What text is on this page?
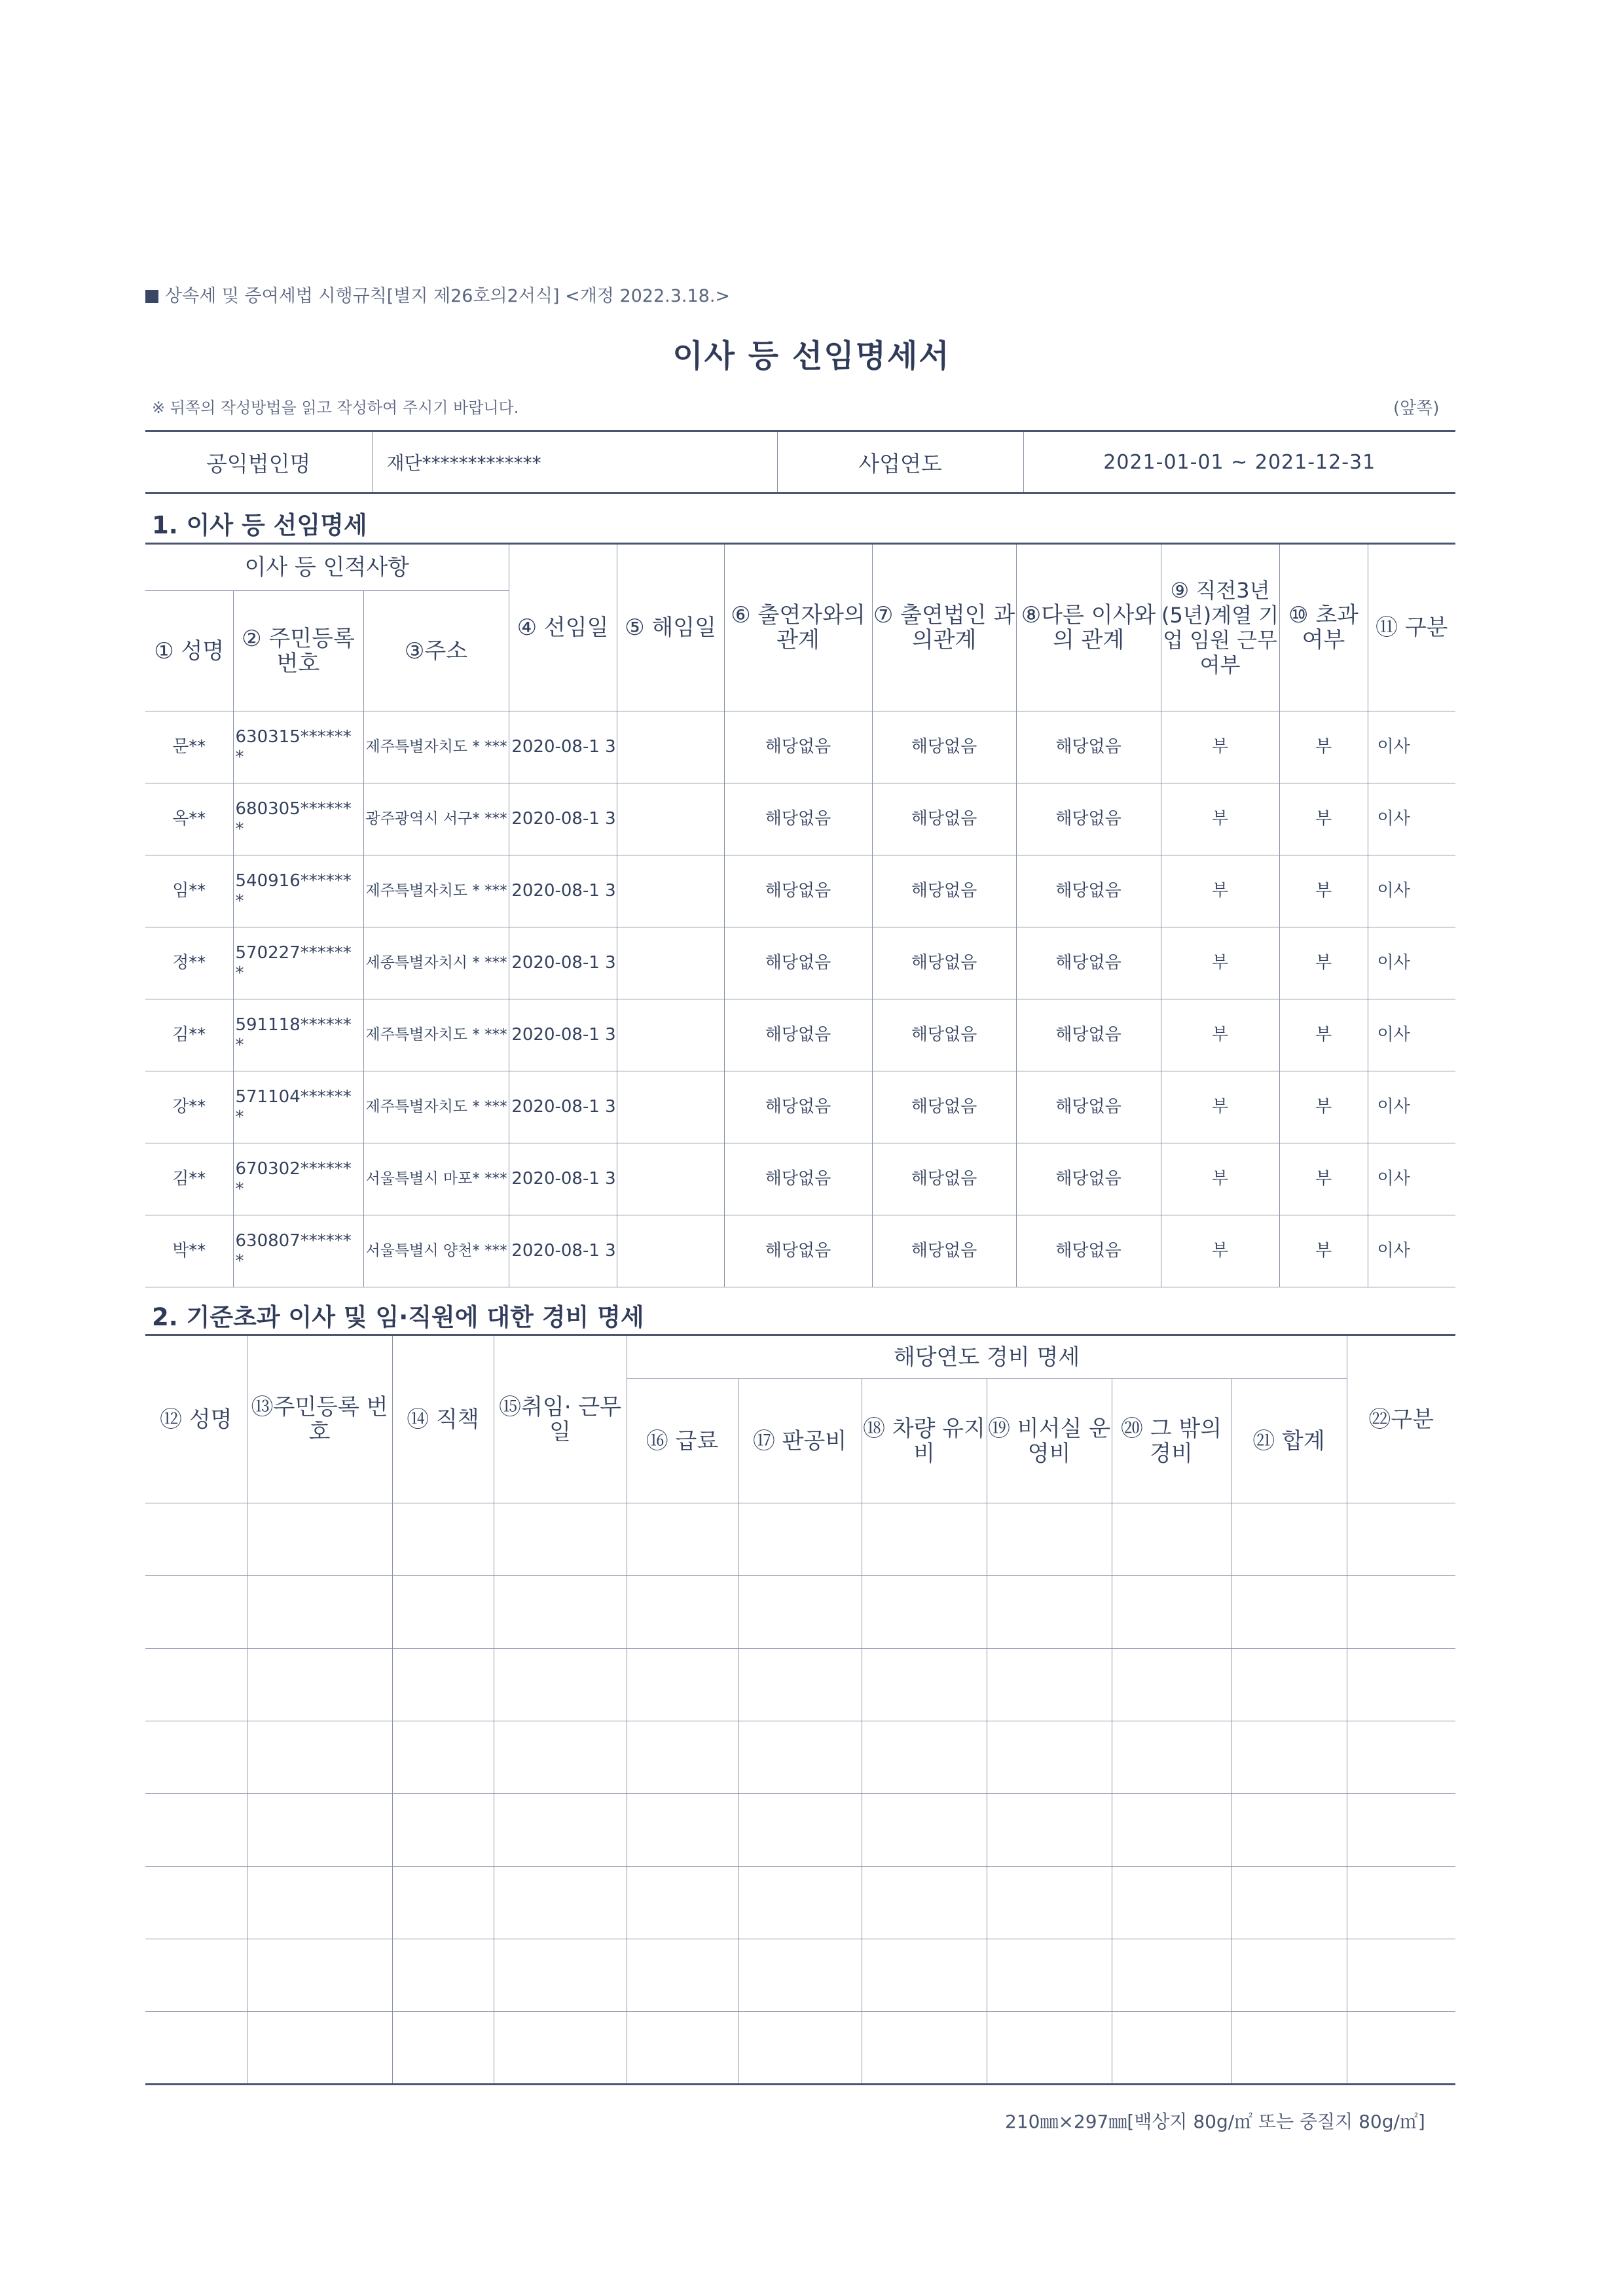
상속세 및 증여세법 시행규칙[별지 제26호의2서식] <개정 2022.3.18.>
이사 등 선임명세서
※ 뒤쪽의 작성방법을 읽고 작성하여 주시기 바랍니다.	(앞쪽)
공익법인명	재단*************	사업연도	2021-01-01 ~ 2021-12-31
1. 이사 등 선임명세
이사 등 인적사항			④ 선임일	⑤ 해임일	⑥ 출연자와의 관계	⑦ 출연법인 과의관계	⑧다른 이사와의 관계	⑨ 직전3년 (5년)계열 기업 임원 근무여부	⑩ 초과 여부	⑪ 구분
① 성명	② 주민등록 번호	③주소								
문**	630315****** *	제주특별자치도 * ***	2020-08-1 3		해당없음	해당없음	해당없음	부	부	이사
옥**	680305****** *	광주광역시 서구* ***	2020-08-1 3		해당없음	해당없음	해당없음	부	부	이사
임**	540916****** *	제주특별자치도 * ***	2020-08-1 3		해당없음	해당없음	해당없음	부	부	이사
정**	570227****** *	세종특별자치시 * ***	2020-08-1 3		해당없음	해당없음	해당없음	부	부	이사
김**	591118****** *	제주특별자치도 * ***	2020-08-1 3		해당없음	해당없음	해당없음	부	부	이사
강**	571104****** *	제주특별자치도 * ***	2020-08-1 3		해당없음	해당없음	해당없음	부	부	이사
김**	670302****** *	서울특별시 마포* ***	2020-08-1 3		해당없음	해당없음	해당없음	부	부	이사
박**	630807****** *	서울특별시 양천* ***	2020-08-1 3		해당없음	해당없음	해당없음	부	부	이사
2. 기준초과 이사 및 임·직원에 대한 경비 명세
⑫ 성명	⑬주민등록 번호	⑭ 직책	⑮취임· 근무일	해당연도 경비 명세						㉒구분
				⑯ 급료	⑰ 판공비	⑱ 차량 유지비	⑲ 비서실 운영비	⑳ 그 밖의 경비	㉑ 합계	

210㎜×297㎜[백상지 80g/㎡ 또는 중질지 80g/㎡]
